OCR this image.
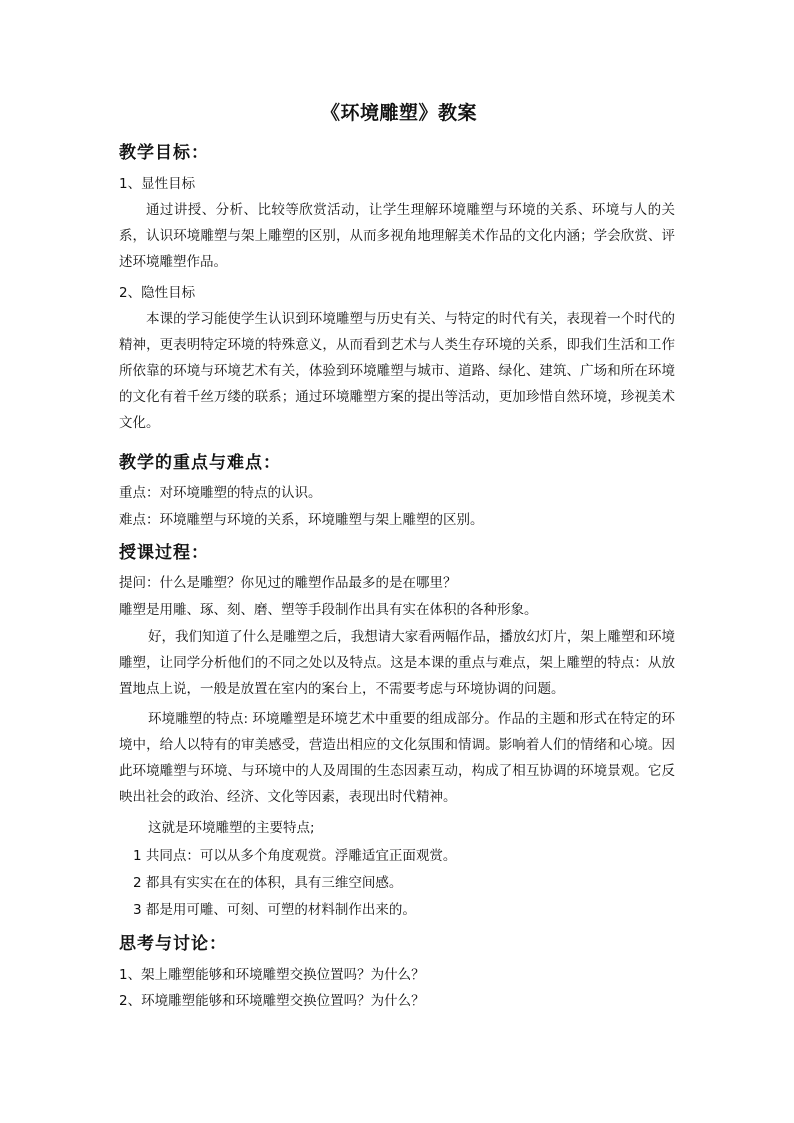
《环境雕塑》教案
教学目标：
1、显性目标
通过讲授、分析、比较等欣赏活动，让学生理解环境雕塑与环境的关系、环境与人的关系，认识环境雕塑与架上雕塑的区别，从而多视角地理解美术作品的文化内涵；学会欣赏、评述环境雕塑作品。
2、隐性目标
本课的学习能使学生认识到环境雕塑与历史有关、与特定的时代有关，表现着一个时代的精神，更表明特定环境的特殊意义，从而看到艺术与人类生存环境的关系，即我们生活和工作所依靠的环境与环境艺术有关，体验到环境雕塑与城市、道路、绿化、建筑、广场和所在环境的文化有着千丝万缕的联系；通过环境雕塑方案的提出等活动，更加珍惜自然环境，珍视美术文化。
教学的重点与难点：
重点：对环境雕塑的特点的认识。
难点：环境雕塑与环境的关系，环境雕塑与架上雕塑的区别。
授课过程：
提问：什么是雕塑？你见过的雕塑作品最多的是在哪里？
雕塑是用雕、琢、刻、磨、塑等手段制作出具有实在体积的各种形象。
好，我们知道了什么是雕塑之后，我想请大家看两幅作品，播放幻灯片，架上雕塑和环境雕塑，让同学分析他们的不同之处以及特点。这是本课的重点与难点，架上雕塑的特点：从放置地点上说，一般是放置在室内的案台上，不需要考虑与环境协调的问题。
环境雕塑的特点: 环境雕塑是环境艺术中重要的组成部分。作品的主题和形式在特定的环境中，给人以特有的审美感受，营造出相应的文化氛围和情调。影响着人们的情绪和心境。因此环境雕塑与环境、与环境中的人及周围的生态因素互动，构成了相互协调的环境景观。它反映出社会的政治、经济、文化等因素，表现出时代精神。
这就是环境雕塑的主要特点;
1 共同点：可以从多个角度观赏。浮雕适宜正面观赏。
2 都具有实实在在的体积，具有三维空间感。
3 都是用可雕、可刻、可塑的材料制作出来的。
思考与讨论：
1、架上雕塑能够和环境雕塑交换位置吗？为什么？
2、环境雕塑能够和环境雕塑交换位置吗？为什么？
